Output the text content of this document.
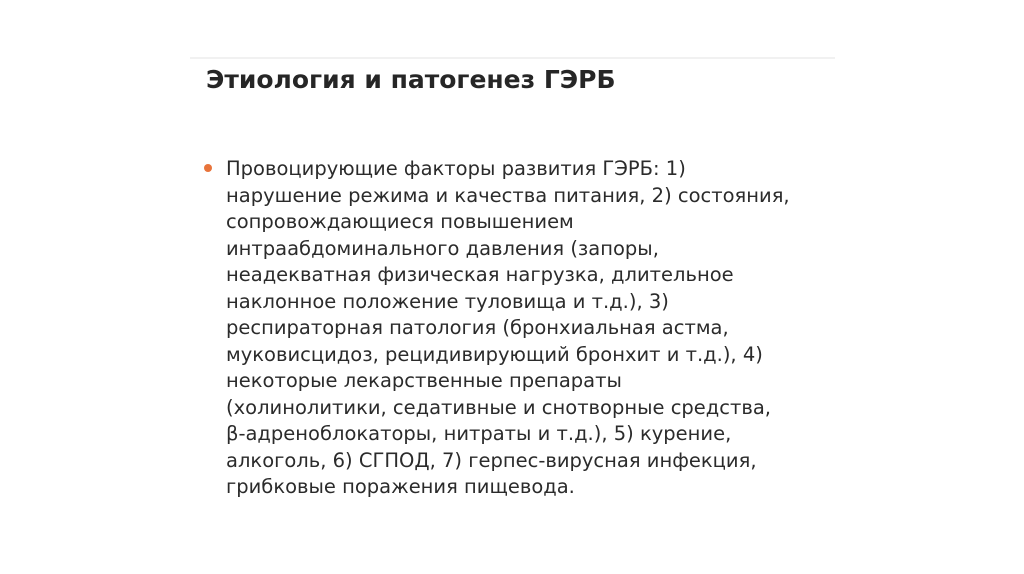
Этиология и патогенез ГЭРБ
Провоцирующие факторы развития ГЭРБ: 1)
нарушение режима и качества питания, 2) состояния,
сопровождающиеся повышением
интраабдоминального давления (запоры,
неадекватная физическая нагрузка, длительное
наклонное положение туловища и т.д.), 3)
респираторная патология (бронхиальная астма,
муковисцидоз, рецидивирующий бронхит и т.д.), 4)
некоторые лекарственные препараты
(холинолитики, седативные и снотворные средства,
β-адреноблокаторы, нитраты и т.д.), 5) курение,
алкоголь, 6) СГПОД, 7) герпес-вирусная инфекция,
грибковые поражения пищевода.
